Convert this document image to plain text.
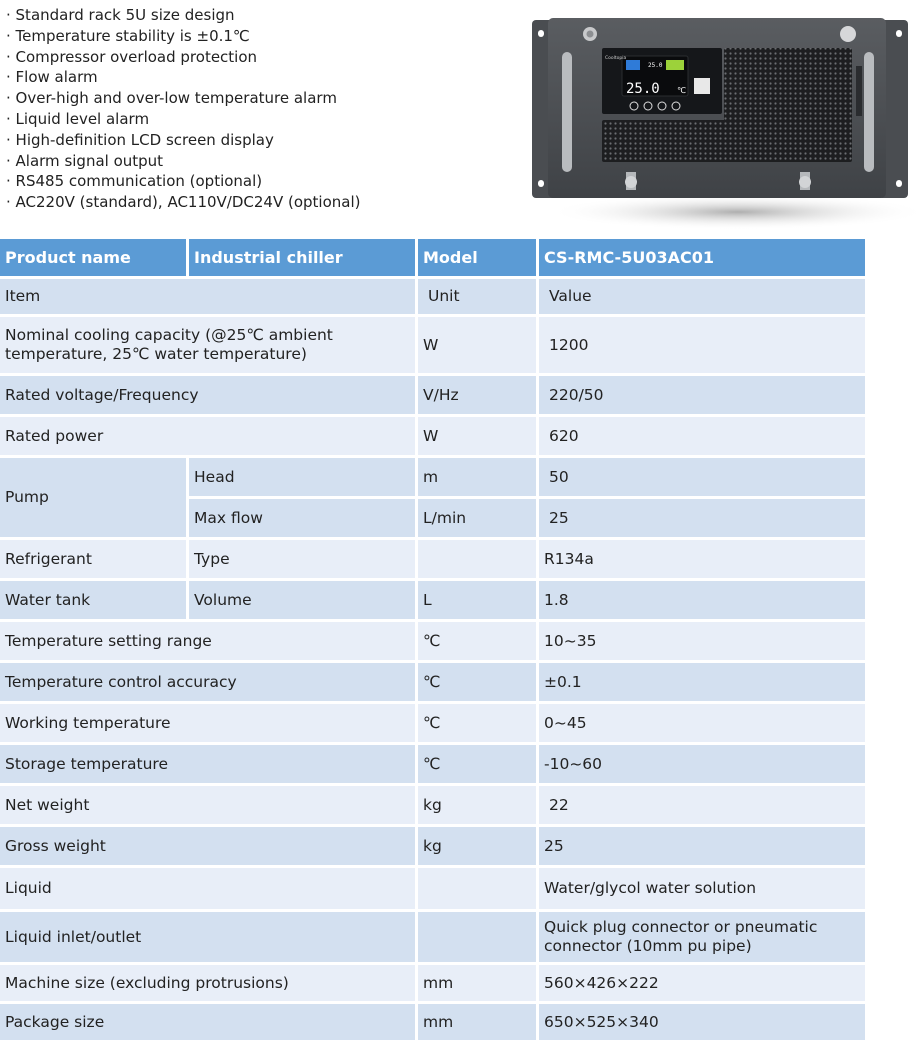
· Standard rack 5U size design
· Temperature stability is ±0.1℃
· Compressor overload protection
· Flow alarm
· Over-high and over-low temperature alarm
· Liquid level alarm
· High-definition LCD screen display
· Alarm signal output
· RS485 communication (optional)
· AC220V (standard), AC110V/DC24V (optional)
25.0
25.0 ℃
Cooltopia
Product name	Industrial chiller	Model	CS-RMC-5U03AC01
Item		Unit	Value
Nominal cooling capacity (@25℃ ambient temperature, 25℃ water temperature)		W	1200
Rated voltage/Frequency		V/Hz	220/50
Rated power		W	620
Pump	Head	m	50
	Max flow	L/min	25
Refrigerant	Type		R134a
Water tank	Volume	L	1.8
Temperature setting range		℃	10~35
Temperature control accuracy		℃	±0.1
Working temperature		℃	0~45
Storage temperature		℃	-10~60
Net weight		kg	22
Gross weight		kg	25
Liquid			Water/glycol water solution
Liquid inlet/outlet			Quick plug connector or pneumatic connector (10mm pu pipe)
Machine size (excluding protrusions)		mm	560×426×222
Package size		mm	650×525×340
